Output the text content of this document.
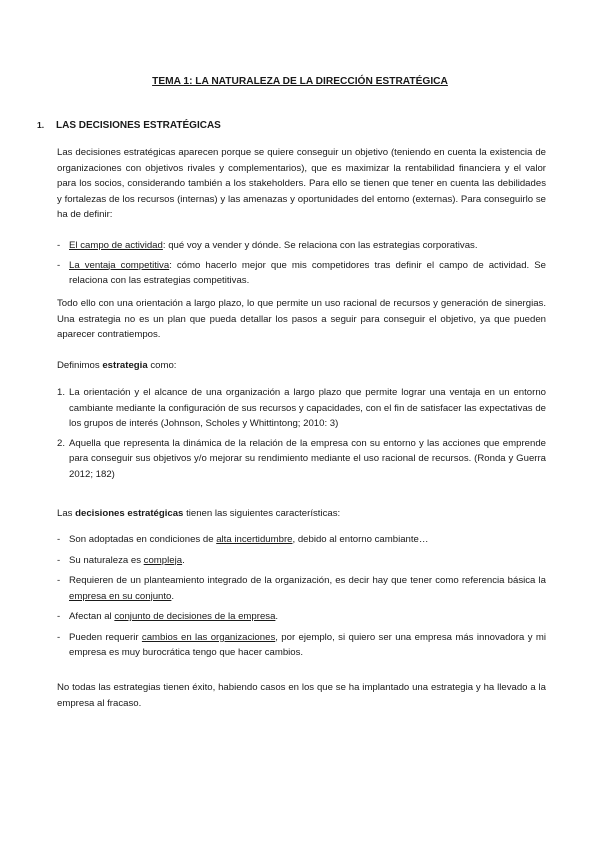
TEMA 1: LA NATURALEZA DE LA DIRECCIÓN ESTRATÉGICA
1. LAS DECISIONES ESTRATÉGICAS

Las decisiones estratégicas aparecen porque se quiere conseguir un objetivo (teniendo en cuenta la existencia de organizaciones con objetivos rivales y complementarios), que es maximizar la rentabilidad financiera y el valor para los socios, considerando también a los stakeholders. Para ello se tienen que tener en cuenta las debilidades y fortalezas de los recursos (internas) y las amenazas y oportunidades del entorno (externas). Para conseguirlo se ha de definir:

- El campo de actividad: qué voy a vender y dónde. Se relaciona con las estrategias corporativas.
- La ventaja competitiva: cómo hacerlo mejor que mis competidores tras definir el campo de actividad. Se relaciona con las estrategias competitivas.

Todo ello con una orientación a largo plazo, lo que permite un uso racional de recursos y generación de sinergias. Una estrategia no es un plan que pueda detallar los pasos a seguir para conseguir el objetivo, ya que pueden aparecer contratiempos.

Definimos estrategia como:

1. La orientación y el alcance de una organización a largo plazo que permite lograr una ventaja en un entorno cambiante mediante la configuración de sus recursos y capacidades, con el fin de satisfacer las expectativas de los grupos de interés (Johnson, Scholes y Whittintong; 2010: 3)
2. Aquella que representa la dinámica de la relación de la empresa con su entorno y las acciones que emprende para conseguir sus objetivos y/o mejorar su rendimiento mediante el uso racional de recursos. (Ronda y Guerra 2012; 182)

Las decisiones estratégicas tienen las siguientes características:

- Son adoptadas en condiciones de alta incertidumbre, debido al entorno cambiante…
- Su naturaleza es compleja.
- Requieren de un planteamiento integrado de la organización, es decir hay que tener como referencia básica la empresa en su conjunto.
- Afectan al conjunto de decisiones de la empresa.
- Pueden requerir cambios en las organizaciones, por ejemplo, si quiero ser una empresa más innovadora y mi empresa es muy burocrática tengo que hacer cambios.

No todas las estrategias tienen éxito, habiendo casos en los que se ha implantado una estrategia y ha llevado a la empresa al fracaso.
